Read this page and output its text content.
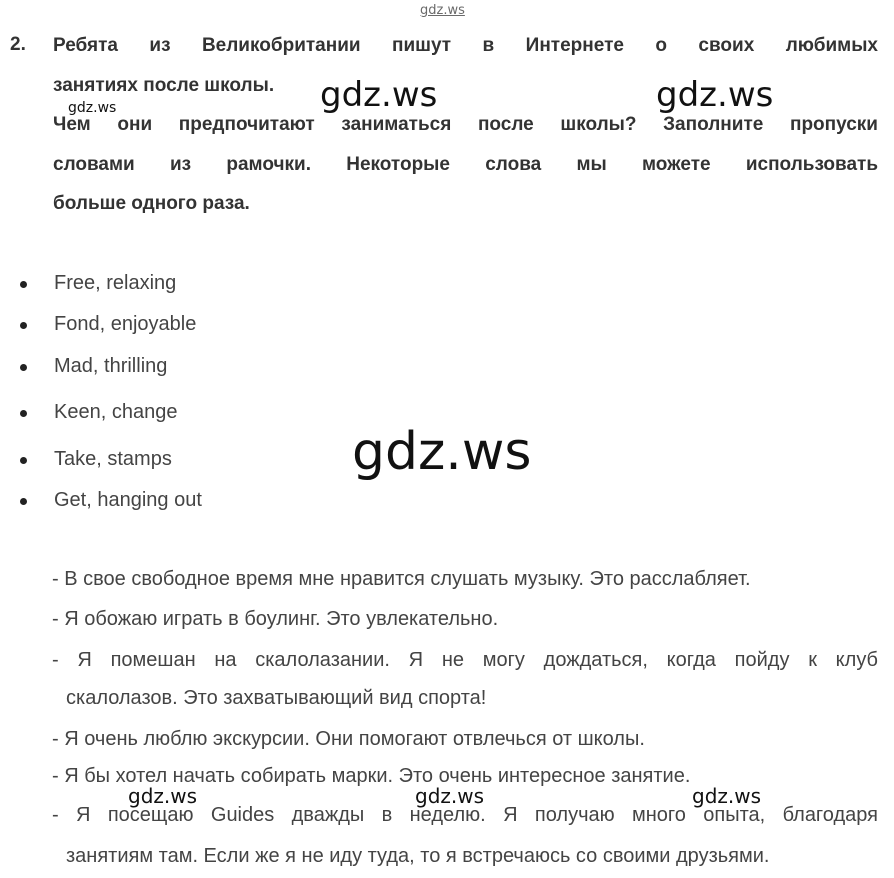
gdz.ws
2. Ребята из Великобритании пишут в Интернете о своих любимых
занятиях после школы.
Чем они предпочитают заниматься после школы? Заполните пропуски
словами из рамочки. Некоторые слова мы можете использовать
больше одного раза.
gdz.ws	gdz.ws
gdz.ws
Free, relaxing
Fond, enjoyable
Mad, thrilling
Keen, change
Take, stamps
Get, hanging out
gdz.ws
- В свое свободное время мне нравится слушать музыку. Это расслабляет.
- Я обожаю играть в боулинг. Это увлекательно.
- Я помешан на скалолазании. Я не могу дождаться, когда пойду к клуб
скалолазов. Это захватывающий вид спорта!
- Я очень люблю экскурсии. Они помогают отвлечься от школы.
- Я бы хотел начать собирать марки. Это очень интересное занятие.
- Я посещаю Guides дважды в неделю. Я получаю много опыта, благодаря
занятиям там. Если же я не иду туда, то я встречаюсь со своими друзьями.
gdz.ws	gdz.ws	gdz.ws
